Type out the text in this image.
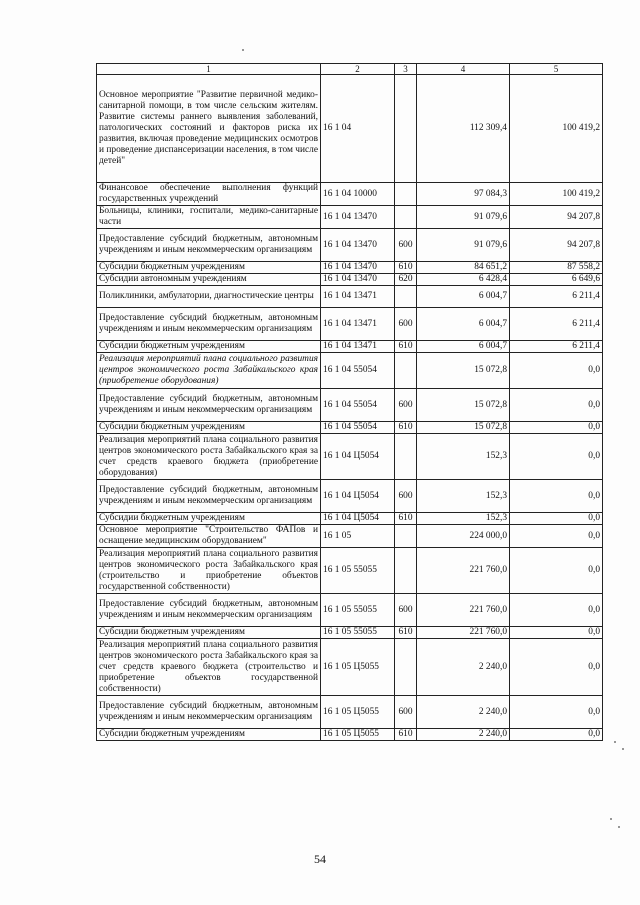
1	2	3	4	5
Основное мероприятие "Развитие первичной медико-санитарной помощи, в том числе сельским жителям. Развитие системы раннего выявления заболеваний, патологических состояний и факторов риска их развития, включая проведение медицинских осмотров и проведение диспансеризации населения, в том числе детей"	16 1 04		112 309,4	100 419,2
Финансовое обеспечение выполнения функций государственных учреждений	16 1 04 10000		97 084,3	100 419,2
Больницы, клиники, госпитали, медико-санитарные части	16 1 04 13470		91 079,6	94 207,8
Предоставление субсидий бюджетным, автономным учреждениям и иным некоммерческим организациям	16 1 04 13470	600	91 079,6	94 207,8
Субсидии бюджетным учреждениям	16 1 04 13470	610	84 651,2	87 558,2
Субсидии автономным учреждениям	16 1 04 13470	620	6 428,4	6 649,6
Поликлиники, амбулатории, диагностические центры	16 1 04 13471		6 004,7	6 211,4
Предоставление субсидий бюджетным, автономным учреждениям и иным некоммерческим организациям	16 1 04 13471	600	6 004,7	6 211,4
Субсидии бюджетным учреждениям	16 1 04 13471	610	6 004,7	6 211,4
Реализация мероприятий плана социального развития центров экономического роста Забайкальского края (приобретение оборудования)	16 1 04 55054		15 072,8	0,0
Предоставление субсидий бюджетным, автономным учреждениям и иным некоммерческим организациям	16 1 04 55054	600	15 072,8	0,0
Субсидии бюджетным учреждениям	16 1 04 55054	610	15 072,8	0,0
Реализация мероприятий плана социального развития центров экономического роста Забайкальского края за счет средств краевого бюджета (приобретение оборудования)	16 1 04 Ц5054		152,3	0,0
Предоставление субсидий бюджетным, автономным учреждениям и иным некоммерческим организациям	16 1 04 Ц5054	600	152,3	0,0
Субсидии бюджетным учреждениям	16 1 04 Ц5054	610	152,3	0,0
Основное мероприятие "Строительство ФАПов и оснащение медицинским оборудованием"	16 1 05		224 000,0	0,0
Реализация мероприятий плана социального развития центров экономического роста Забайкальского края (строительство и приобретение объектов государственной собственности)	16 1 05 55055		221 760,0	0,0
Предоставление субсидий бюджетным, автономным учреждениям и иным некоммерческим организациям	16 1 05 55055	600	221 760,0	0,0
Субсидии бюджетным учреждениям	16 1 05 55055	610	221 760,0	0,0
Реализация мероприятий плана социального развития центров экономического роста Забайкальского края за счет средств краевого бюджета (строительство и приобретение объектов государственной собственности)	16 1 05 Ц5055		2 240,0	0,0
Предоставление субсидий бюджетным, автономным учреждениям и иным некоммерческим организациям	16 1 05 Ц5055	600	2 240,0	0,0
Субсидии бюджетным учреждениям	16 1 05 Ц5055	610	2 240,0	0,0
54
